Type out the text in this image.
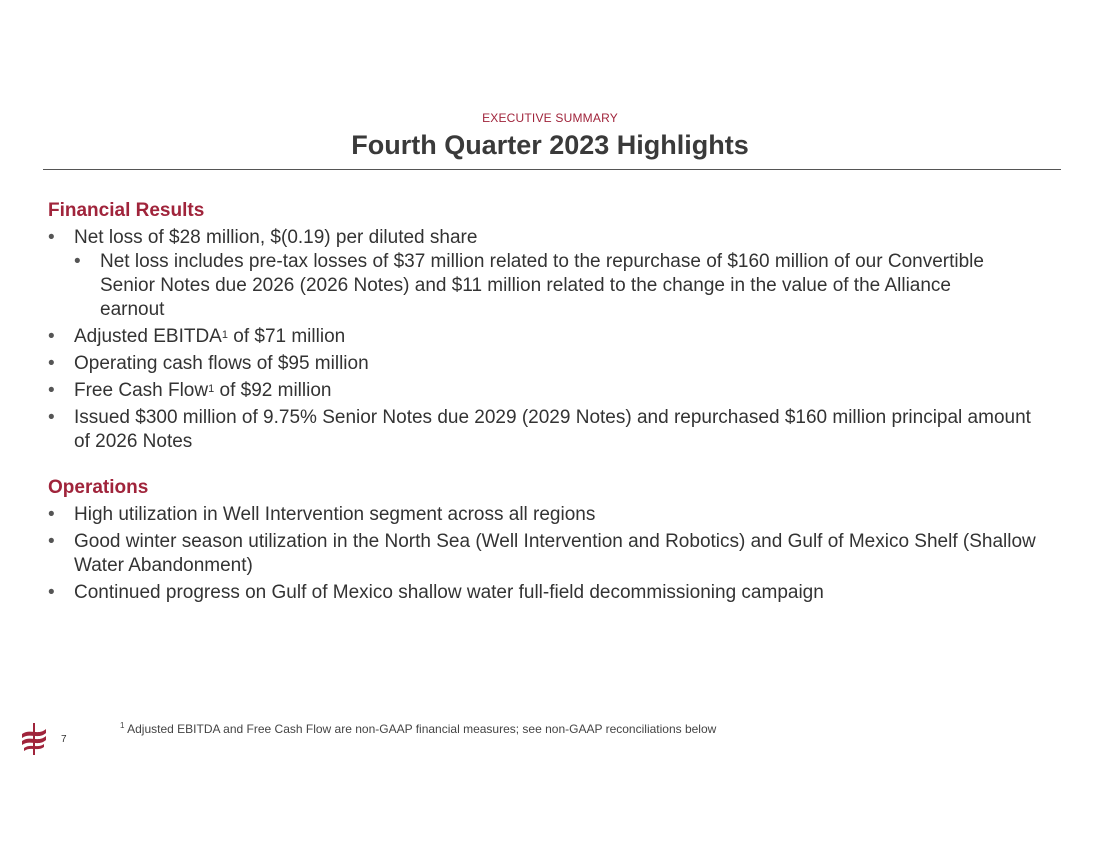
EXECUTIVE SUMMARY
Fourth Quarter 2023 Highlights
Financial Results
• Net loss of $28 million, $(0.19) per diluted share
• Net loss includes pre-tax losses of $37 million related to the repurchase of $160 million of our Convertible Senior Notes due 2026 (2026 Notes) and $11 million related to the change in the value of the Alliance earnout
• Adjusted EBITDA$^1$ of $71 million
• Operating cash flows of $95 million
• Free Cash Flow$^1$ of $92 million
• Issued $300 million of 9.75% Senior Notes due 2029 (2029 Notes) and repurchased $160 million principal amount of 2026 Notes
Operations
• High utilization in Well Intervention segment across all regions
• Good winter season utilization in the North Sea (Well Intervention and Robotics) and Gulf of Mexico Shelf (Shallow Water Abandonment)
• Continued progress on Gulf of Mexico shallow water full-field decommissioning campaign
7
$^1$ Adjusted EBITDA and Free Cash Flow are non-GAAP financial measures; see non-GAAP reconciliations below
